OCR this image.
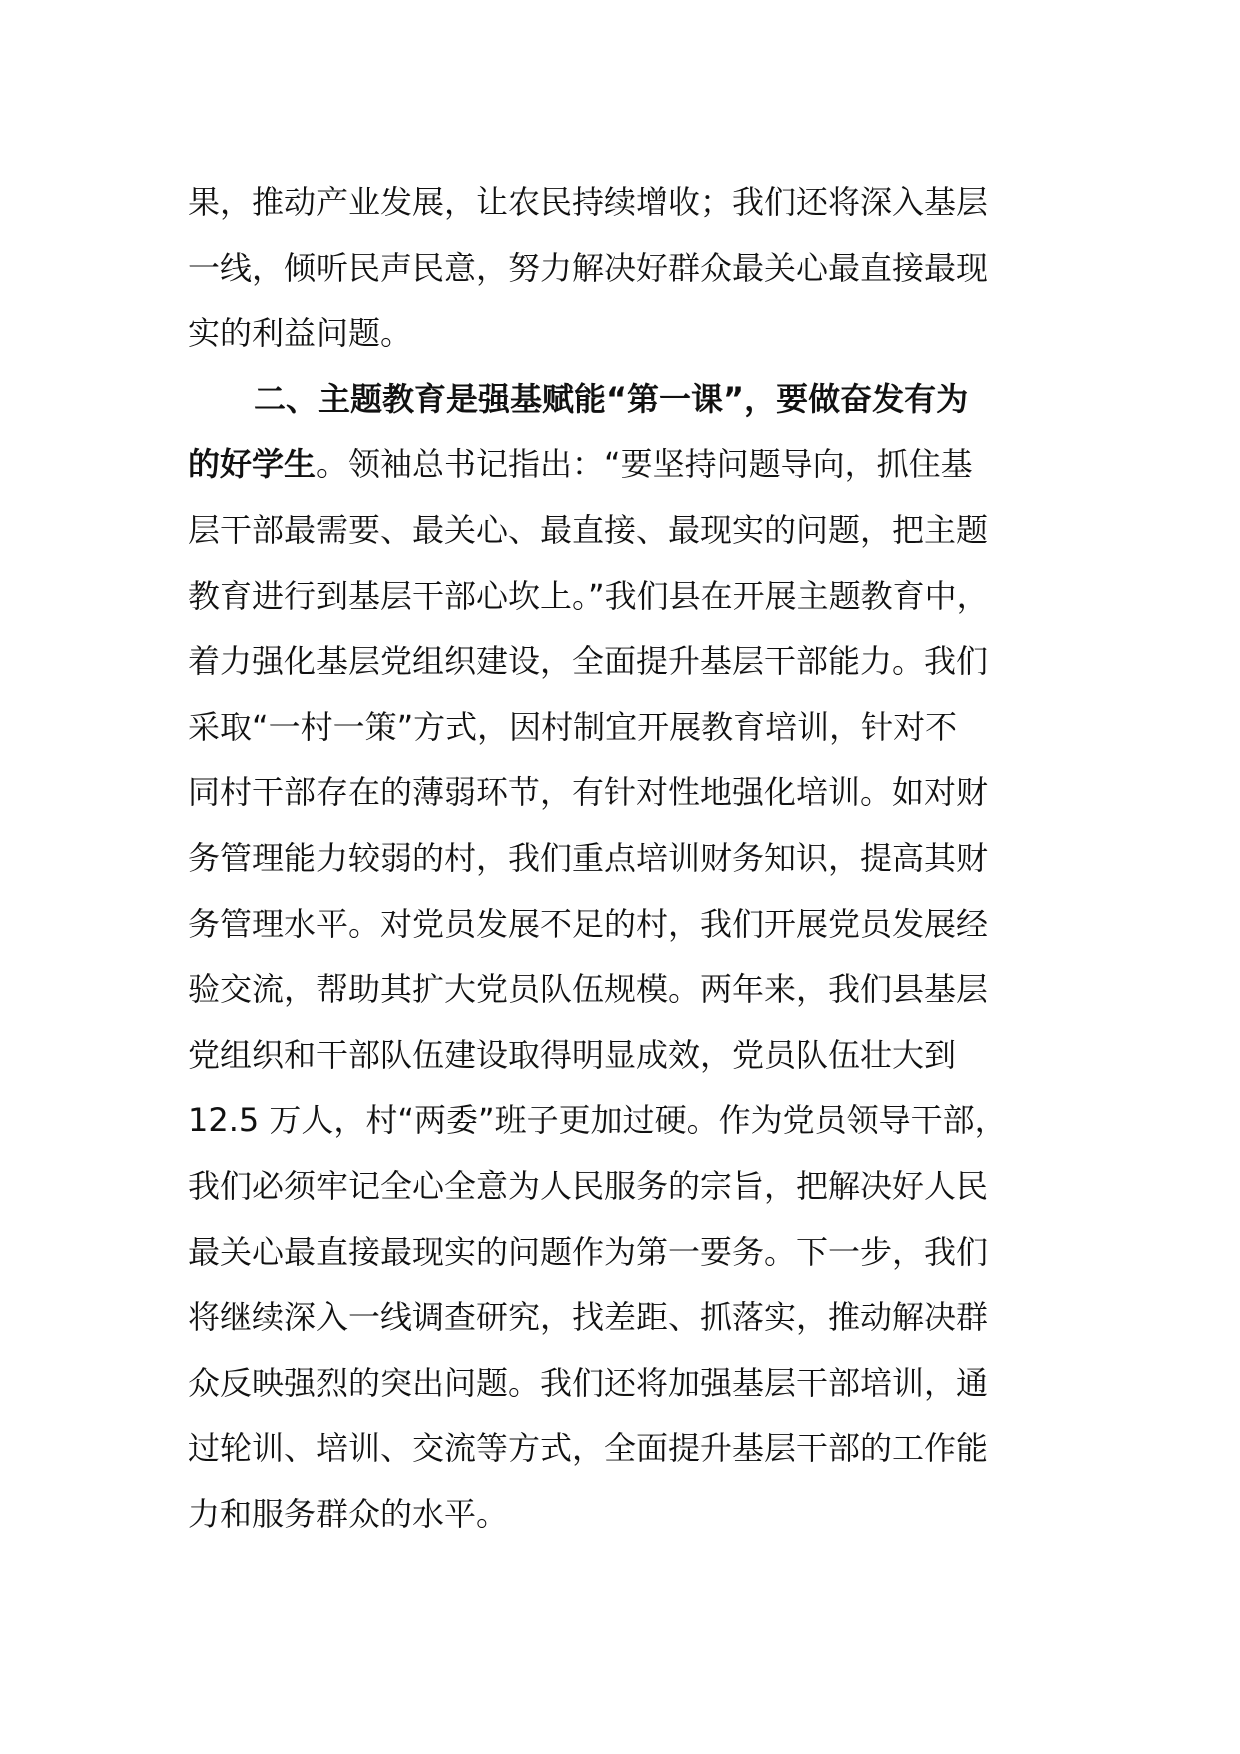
果，推动产业发展，让农民持续增收；我们还将深入基层
一线，倾听民声民意，努力解决好群众最关心最直接最现
实的利益问题。
二、主题教育是强基赋能“第一课”，要做奋发有为
的好学生。领袖总书记指出：“要坚持问题导向，抓住基
层干部最需要、最关心、最直接、最现实的问题，把主题
教育进行到基层干部心坎上。”我们县在开展主题教育中，
着力强化基层党组织建设，全面提升基层干部能力。我们
采取“一村一策”方式，因村制宜开展教育培训，针对不
同村干部存在的薄弱环节，有针对性地强化培训。如对财
务管理能力较弱的村，我们重点培训财务知识，提高其财
务管理水平。对党员发展不足的村，我们开展党员发展经
验交流，帮助其扩大党员队伍规模。两年来，我们县基层
党组织和干部队伍建设取得明显成效，党员队伍壮大到
12.5 万人，村“两委”班子更加过硬。作为党员领导干部，
我们必须牢记全心全意为人民服务的宗旨，把解决好人民
最关心最直接最现实的问题作为第一要务。下一步，我们
将继续深入一线调查研究，找差距、抓落实，推动解决群
众反映强烈的突出问题。我们还将加强基层干部培训，通
过轮训、培训、交流等方式，全面提升基层干部的工作能
力和服务群众的水平。
